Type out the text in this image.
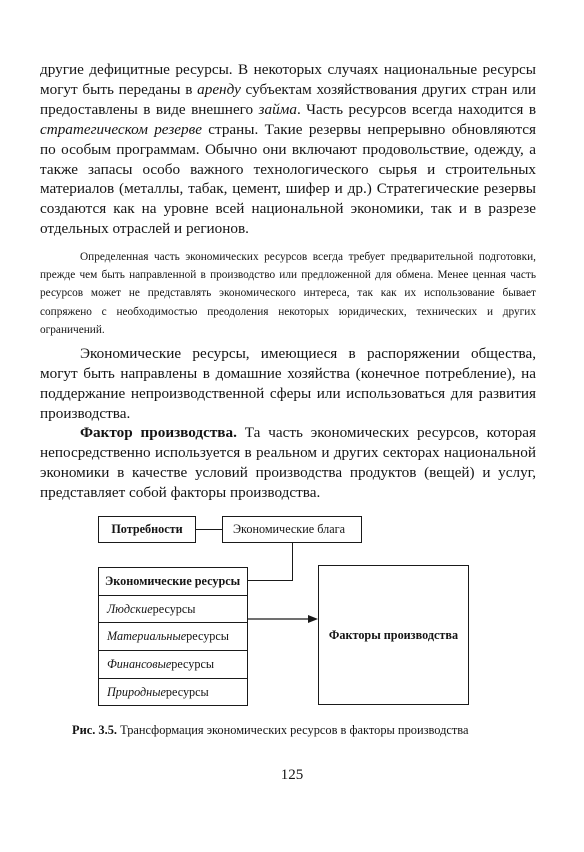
другие дефицитные ресурсы. В некоторых случаях национальные ресурсы могут быть переданы в аренду субъектам хозяйствования других стран или предоставлены в виде внешнего займа. Часть ресурсов всегда находится в стратегическом резерве страны. Такие резервы непрерывно обновляются по особым программам. Обычно они включают продовольствие, одежду, а также запасы особо важного технологического сырья и строительных материалов (металлы, табак, цемент, шифер и др.) Стратегические резервы создаются как на уровне всей национальной экономики, так и в разрезе отдельных отраслей и регионов.
Определенная часть экономических ресурсов всегда требует предварительной подготовки, прежде чем быть направленной в производство или предложенной для обмена. Менее ценная часть ресурсов может не представлять экономического интереса, так как их использование бывает сопряжено с необходимостью преодоления некоторых юридических, технических и других ограничений.
Экономические ресурсы, имеющиеся в распоряжении общества, могут быть направлены в домашние хозяйства (конечное потребление), на поддержание непроизводственной сферы или использоваться для развития производства.
Фактор производства. Та часть экономических ресурсов, которая непосредственно используется в реальном и других секторах национальной экономики в качестве условий производства продуктов (вещей) и услуг, представляет собой факторы производства.
Потребности	Экономические блага
Экономические ресурсы
Людские ресурсы
Материальные ресурсы
Финансовые ресурсы
Природные ресурсы
Факторы производства
Рис. 3.5. Трансформация экономических ресурсов в факторы производства
125
